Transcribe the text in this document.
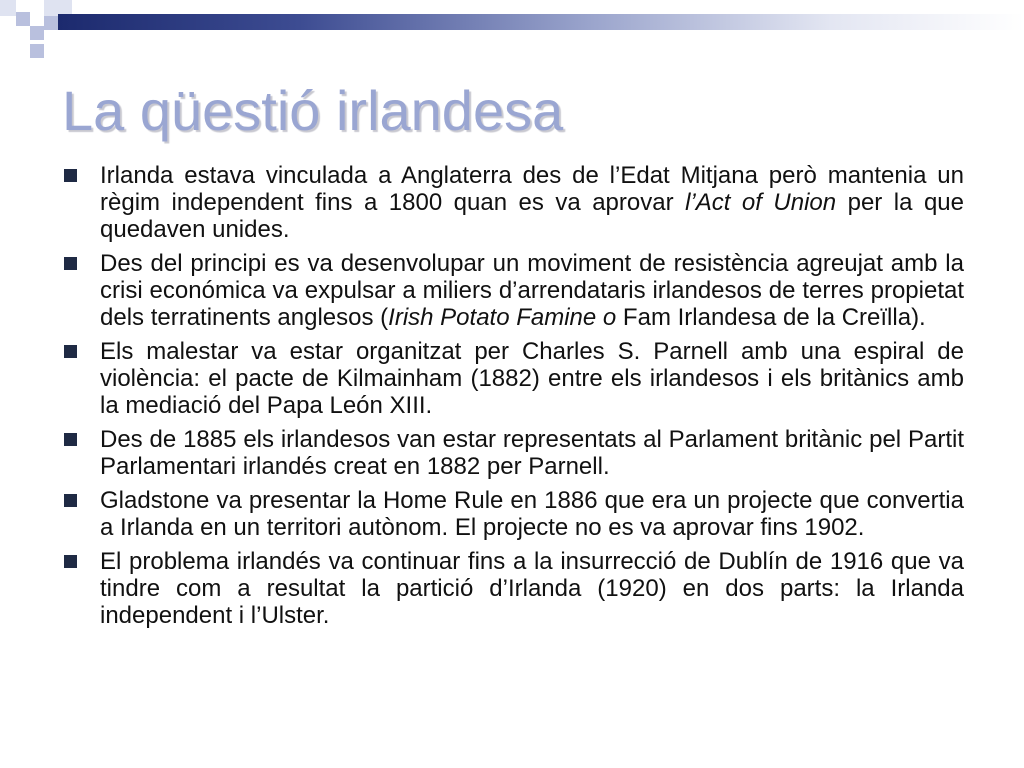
La qüestió irlandesa
Irlanda estava vinculada a Anglaterra des de l’Edat Mitjana però mantenia un règim independent fins a 1800 quan es va aprovar l’Act of Union per la que quedaven unides.
Des del principi es va desenvolupar un moviment de resistència agreujat amb la crisi económica va expulsar a miliers d’arrendataris irlandesos de terres propietat dels terratinents anglesos (Irish Potato Famine o Fam Irlandesa de la Creïlla).
Els malestar va estar organitzat per Charles S. Parnell amb una espiral de violència: el pacte de Kilmainham (1882) entre els irlandesos i els britànics amb la mediació del Papa León XIII.
Des de 1885 els irlandesos van estar representats al Parlament britànic pel Partit Parlamentari irlandés creat en 1882 per Parnell.
Gladstone va presentar la Home Rule en 1886 que era un projecte que convertia a Irlanda en un territori autònom. El projecte no es va aprovar fins 1902.
El problema irlandés va continuar fins a la insurrecció de Dublín de 1916 que va tindre com a resultat la partició d’Irlanda (1920) en dos parts: la Irlanda independent i l’Ulster.
